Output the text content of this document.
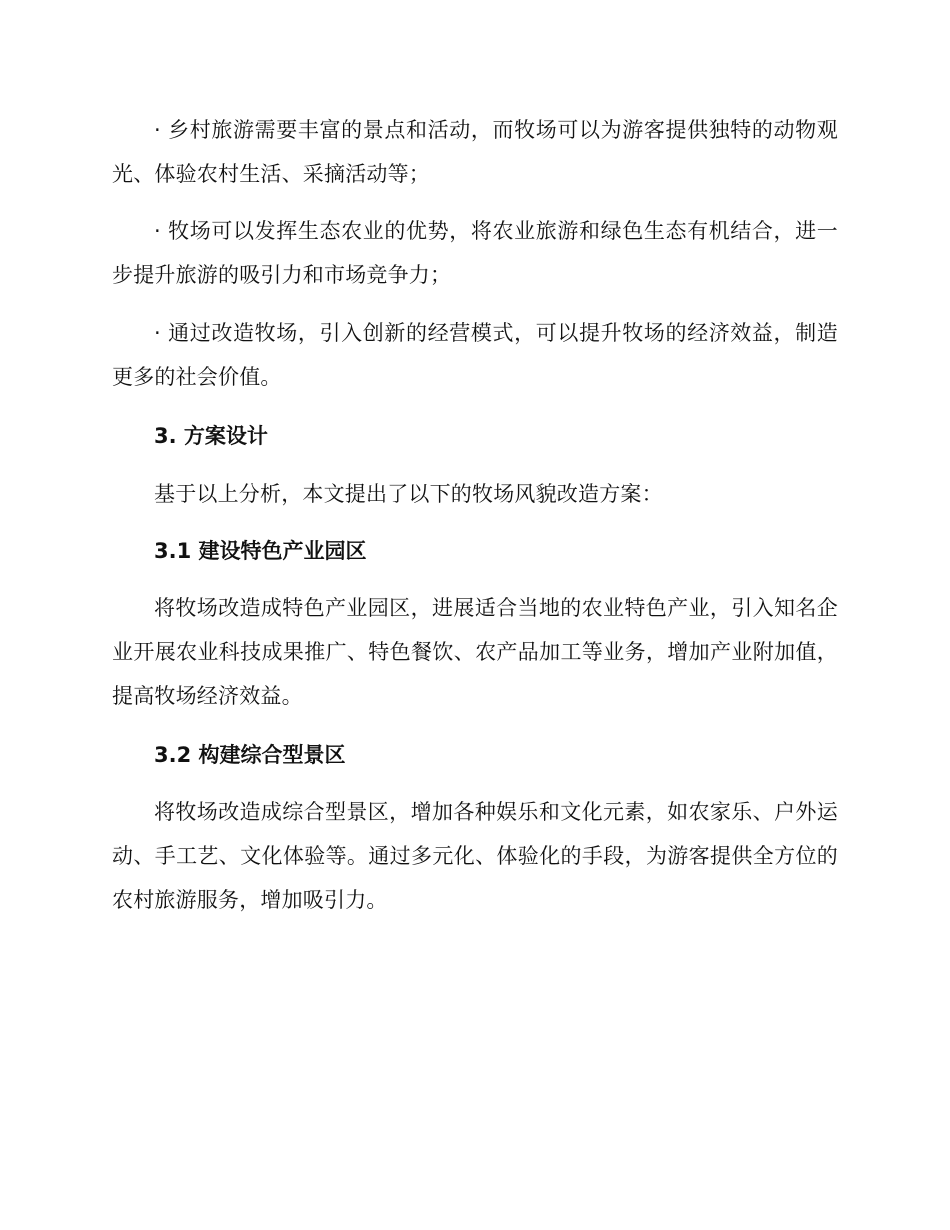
· 乡村旅游需要丰富的景点和活动，而牧场可以为游客提供独特的动物观光、体验农村生活、采摘活动等；

· 牧场可以发挥生态农业的优势，将农业旅游和绿色生态有机结合，进一步提升旅游的吸引力和市场竞争力；

· 通过改造牧场，引入创新的经营模式，可以提升牧场的经济效益，制造更多的社会价值。

3. 方案设计

基于以上分析，本文提出了以下的牧场风貌改造方案：

3.1 建设特色产业园区

将牧场改造成特色产业园区，进展适合当地的农业特色产业，引入知名企业开展农业科技成果推广、特色餐饮、农产品加工等业务，增加产业附加值，提高牧场经济效益。

3.2 构建综合型景区

将牧场改造成综合型景区，增加各种娱乐和文化元素，如农家乐、户外运动、手工艺、文化体验等。通过多元化、体验化的手段，为游客提供全方位的农村旅游服务，增加吸引力。
